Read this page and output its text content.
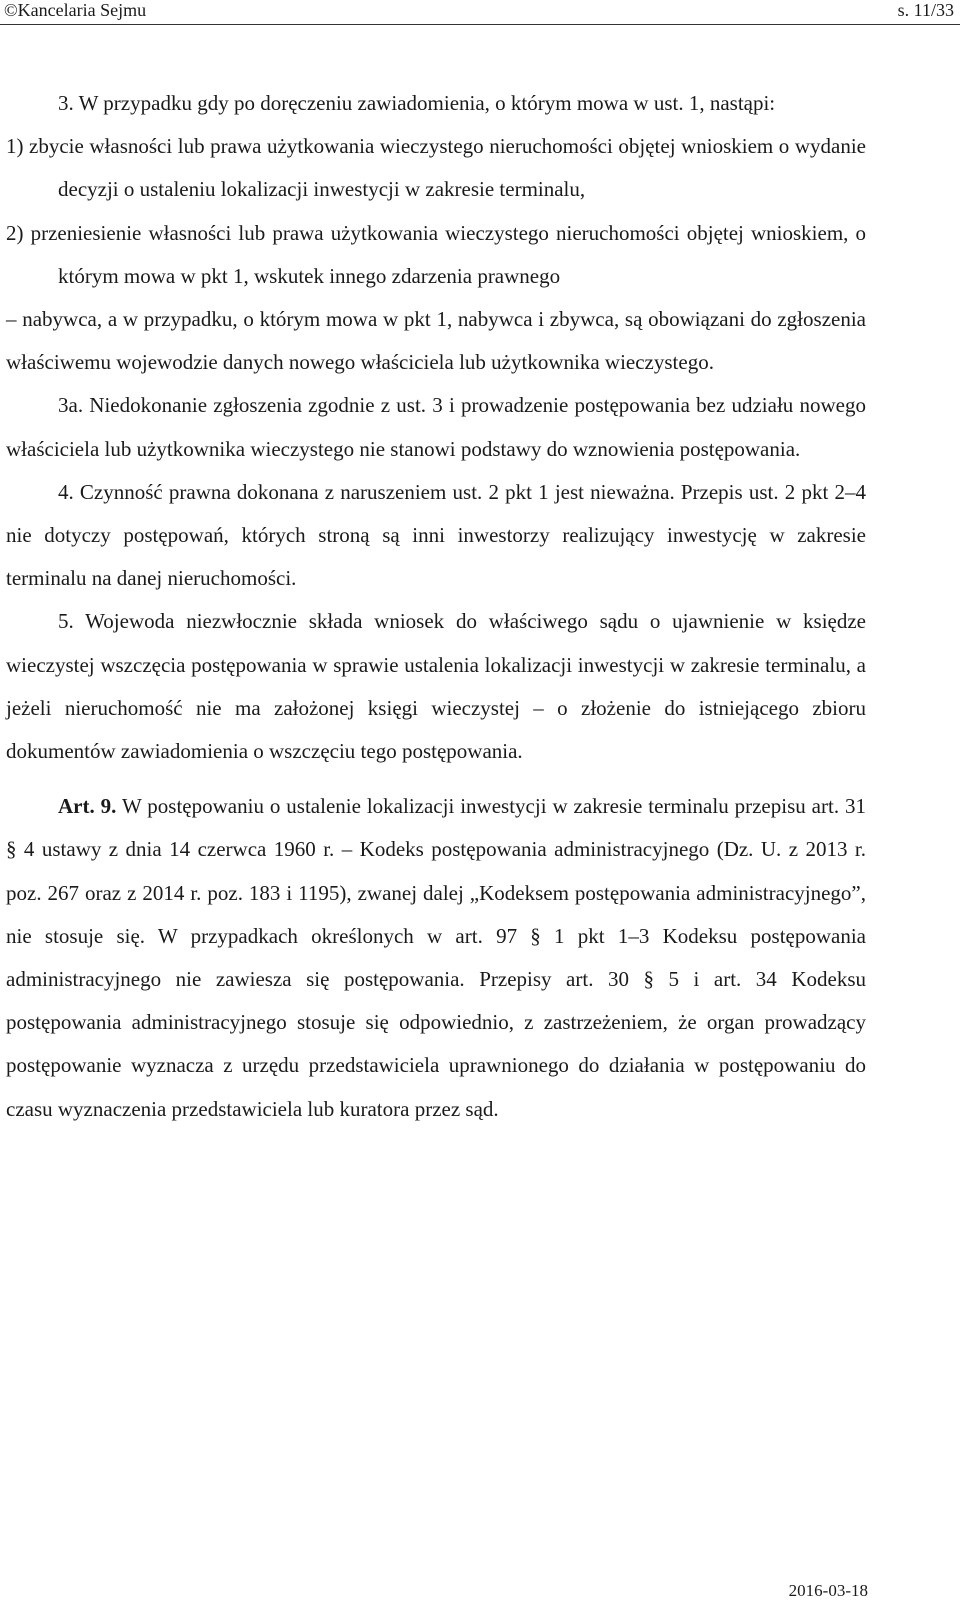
©Kancelaria Sejmu	s. 11/33

3. W przypadku gdy po doręczeniu zawiadomienia, o którym mowa w ust. 1, nastąpi:

1) zbycie własności lub prawa użytkowania wieczystego nieruchomości objętej wnioskiem o wydanie decyzji o ustaleniu lokalizacji inwestycji w zakresie terminalu,

2) przeniesienie własności lub prawa użytkowania wieczystego nieruchomości objętej wnioskiem, o którym mowa w pkt 1, wskutek innego zdarzenia prawnego

– nabywca, a w przypadku, o którym mowa w pkt 1, nabywca i zbywca, są obowiązani do zgłoszenia właściwemu wojewodzie danych nowego właściciela lub użytkownika wieczystego.

3a. Niedokonanie zgłoszenia zgodnie z ust. 3 i prowadzenie postępowania bez udziału nowego właściciela lub użytkownika wieczystego nie stanowi podstawy do wznowienia postępowania.

4. Czynność prawna dokonana z naruszeniem ust. 2 pkt 1 jest nieważna. Przepis ust. 2 pkt 2–4 nie dotyczy postępowań, których stroną są inni inwestorzy realizujący inwestycję w zakresie terminalu na danej nieruchomości.

5. Wojewoda niezwłocznie składa wniosek do właściwego sądu o ujawnienie w księdze wieczystej wszczęcia postępowania w sprawie ustalenia lokalizacji inwestycji w zakresie terminalu, a jeżeli nieruchomość nie ma założonej księgi wieczystej – o złożenie do istniejącego zbioru dokumentów zawiadomienia o wszczęciu tego postępowania.

Art. 9. W postępowaniu o ustalenie lokalizacji inwestycji w zakresie terminalu przepisu art. 31 § 4 ustawy z dnia 14 czerwca 1960 r. – Kodeks postępowania administracyjnego (Dz. U. z 2013 r. poz. 267 oraz z 2014 r. poz. 183 i 1195), zwanej dalej „Kodeksem postępowania administracyjnego”, nie stosuje się. W przypadkach określonych w art. 97 § 1 pkt 1–3 Kodeksu postępowania administracyjnego nie zawiesza się postępowania. Przepisy art. 30 § 5 i art. 34 Kodeksu postępowania administracyjnego stosuje się odpowiednio, z zastrzeżeniem, że organ prowadzący postępowanie wyznacza z urzędu przedstawiciela uprawnionego do działania w postępowaniu do czasu wyznaczenia przedstawiciela lub kuratora przez sąd.

2016-03-18
